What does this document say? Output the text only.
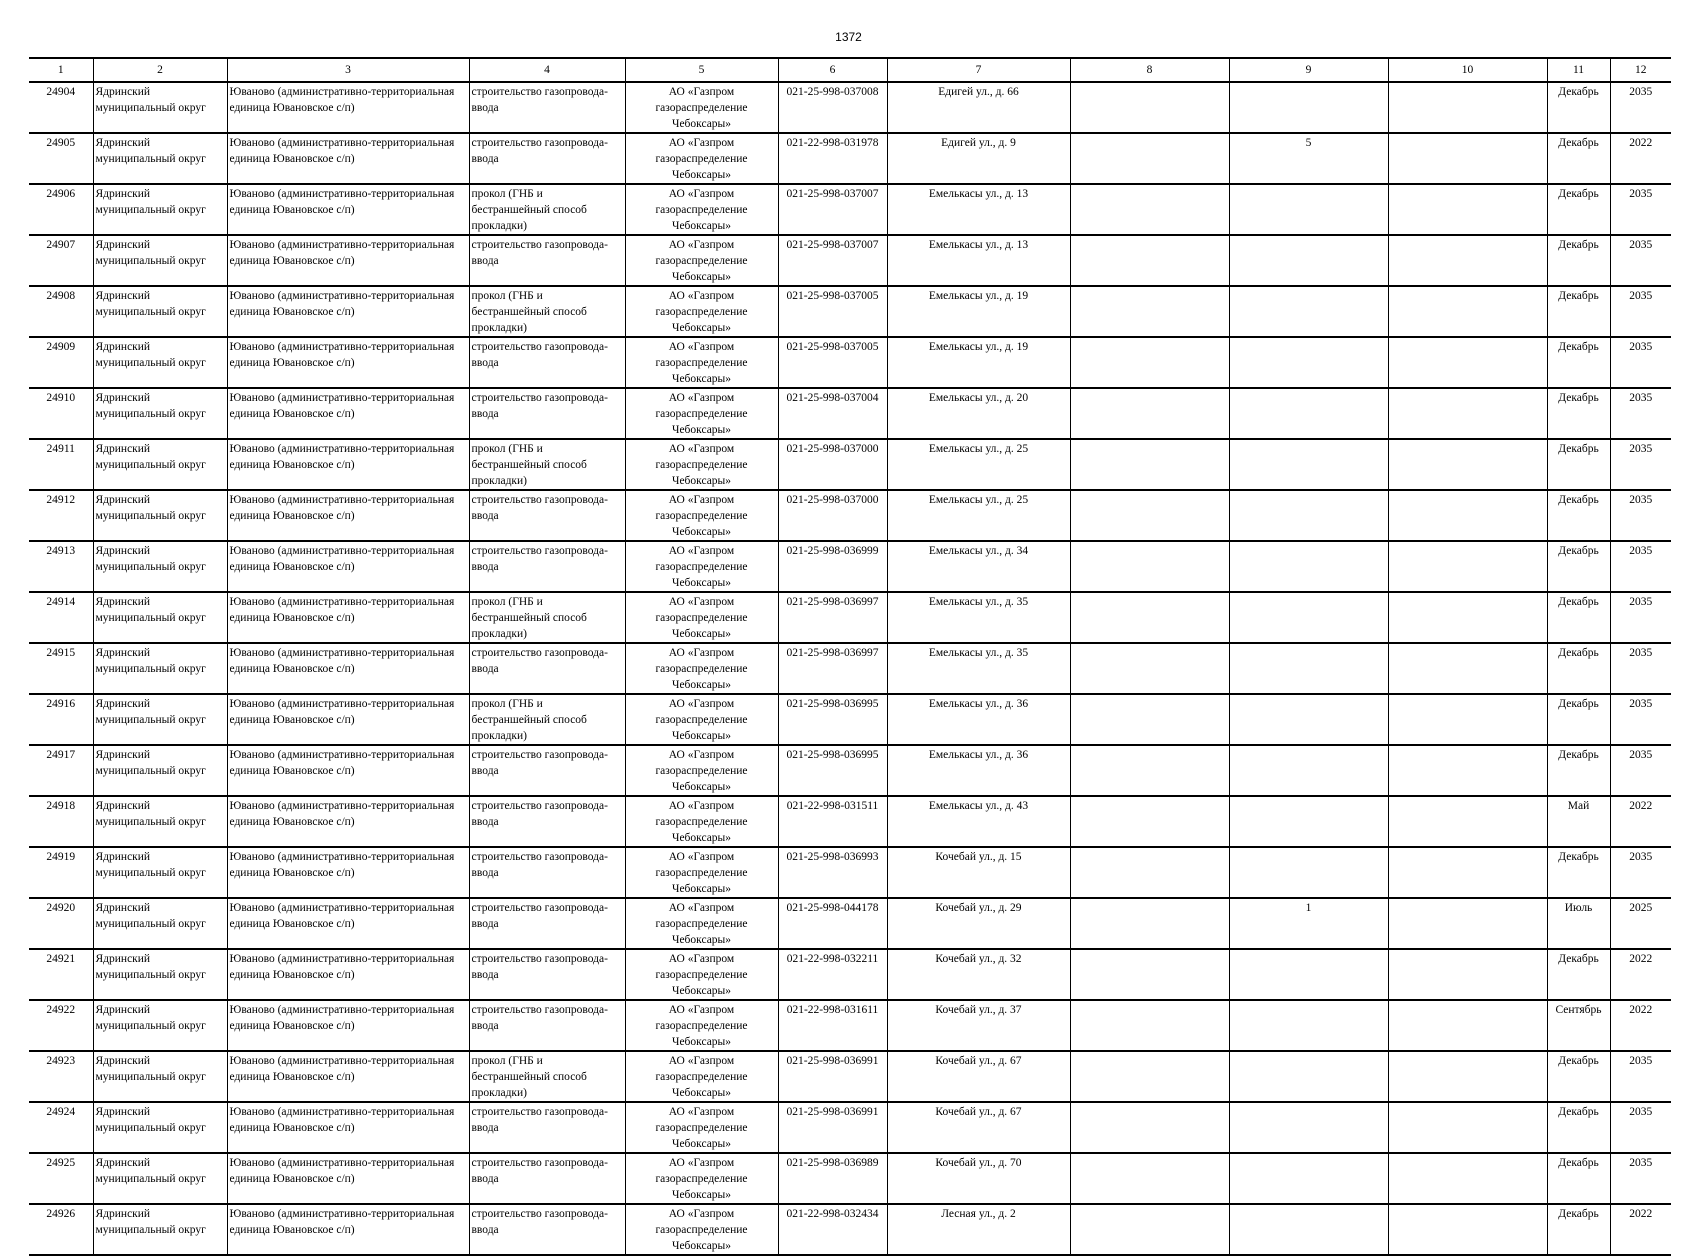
1372
1	2	3	4	5	6	7	8	9	10	11	12
24904	Ядринский муниципальный округ	Юваново (административно-территориальная единица Ювановское с/п)	строительство газопровода-ввода	АО «Газпром газораспределение Чебоксары»	021-25-998-037008	Едигей ул., д. 66				Декабрь	2035
24905	Ядринский муниципальный округ	Юваново (административно-территориальная единица Ювановское с/п)	строительство газопровода-ввода	АО «Газпром газораспределение Чебоксары»	021-22-998-031978	Едигей ул., д. 9		5		Декабрь	2022
24906	Ядринский муниципальный округ	Юваново (административно-территориальная единица Ювановское с/п)	прокол (ГНБ и бестраншейный способ прокладки)	АО «Газпром газораспределение Чебоксары»	021-25-998-037007	Емелькасы ул., д. 13				Декабрь	2035
24907	Ядринский муниципальный округ	Юваново (административно-территориальная единица Ювановское с/п)	строительство газопровода-ввода	АО «Газпром газораспределение Чебоксары»	021-25-998-037007	Емелькасы ул., д. 13				Декабрь	2035
24908	Ядринский муниципальный округ	Юваново (административно-территориальная единица Ювановское с/п)	прокол (ГНБ и бестраншейный способ прокладки)	АО «Газпром газораспределение Чебоксары»	021-25-998-037005	Емелькасы ул., д. 19				Декабрь	2035
24909	Ядринский муниципальный округ	Юваново (административно-территориальная единица Ювановское с/п)	строительство газопровода-ввода	АО «Газпром газораспределение Чебоксары»	021-25-998-037005	Емелькасы ул., д. 19				Декабрь	2035
24910	Ядринский муниципальный округ	Юваново (административно-территориальная единица Ювановское с/п)	строительство газопровода-ввода	АО «Газпром газораспределение Чебоксары»	021-25-998-037004	Емелькасы ул., д. 20				Декабрь	2035
24911	Ядринский муниципальный округ	Юваново (административно-территориальная единица Ювановское с/п)	прокол (ГНБ и бестраншейный способ прокладки)	АО «Газпром газораспределение Чебоксары»	021-25-998-037000	Емелькасы ул., д. 25				Декабрь	2035
24912	Ядринский муниципальный округ	Юваново (административно-территориальная единица Ювановское с/п)	строительство газопровода-ввода	АО «Газпром газораспределение Чебоксары»	021-25-998-037000	Емелькасы ул., д. 25				Декабрь	2035
24913	Ядринский муниципальный округ	Юваново (административно-территориальная единица Ювановское с/п)	строительство газопровода-ввода	АО «Газпром газораспределение Чебоксары»	021-25-998-036999	Емелькасы ул., д. 34				Декабрь	2035
24914	Ядринский муниципальный округ	Юваново (административно-территориальная единица Ювановское с/п)	прокол (ГНБ и бестраншейный способ прокладки)	АО «Газпром газораспределение Чебоксары»	021-25-998-036997	Емелькасы ул., д. 35				Декабрь	2035
24915	Ядринский муниципальный округ	Юваново (административно-территориальная единица Ювановское с/п)	строительство газопровода-ввода	АО «Газпром газораспределение Чебоксары»	021-25-998-036997	Емелькасы ул., д. 35				Декабрь	2035
24916	Ядринский муниципальный округ	Юваново (административно-территориальная единица Ювановское с/п)	прокол (ГНБ и бестраншейный способ прокладки)	АО «Газпром газораспределение Чебоксары»	021-25-998-036995	Емелькасы ул., д. 36				Декабрь	2035
24917	Ядринский муниципальный округ	Юваново (административно-территориальная единица Ювановское с/п)	строительство газопровода-ввода	АО «Газпром газораспределение Чебоксары»	021-25-998-036995	Емелькасы ул., д. 36				Декабрь	2035
24918	Ядринский муниципальный округ	Юваново (административно-территориальная единица Ювановское с/п)	строительство газопровода-ввода	АО «Газпром газораспределение Чебоксары»	021-22-998-031511	Емелькасы ул., д. 43				Май	2022
24919	Ядринский муниципальный округ	Юваново (административно-территориальная единица Ювановское с/п)	строительство газопровода-ввода	АО «Газпром газораспределение Чебоксары»	021-25-998-036993	Кочебай ул., д. 15				Декабрь	2035
24920	Ядринский муниципальный округ	Юваново (административно-территориальная единица Ювановское с/п)	строительство газопровода-ввода	АО «Газпром газораспределение Чебоксары»	021-25-998-044178	Кочебай ул., д. 29		1		Июль	2025
24921	Ядринский муниципальный округ	Юваново (административно-территориальная единица Ювановское с/п)	строительство газопровода-ввода	АО «Газпром газораспределение Чебоксары»	021-22-998-032211	Кочебай ул., д. 32				Декабрь	2022
24922	Ядринский муниципальный округ	Юваново (административно-территориальная единица Ювановское с/п)	строительство газопровода-ввода	АО «Газпром газораспределение Чебоксары»	021-22-998-031611	Кочебай ул., д. 37				Сентябрь	2022
24923	Ядринский муниципальный округ	Юваново (административно-территориальная единица Ювановское с/п)	прокол (ГНБ и бестраншейный способ прокладки)	АО «Газпром газораспределение Чебоксары»	021-25-998-036991	Кочебай ул., д. 67				Декабрь	2035
24924	Ядринский муниципальный округ	Юваново (административно-территориальная единица Ювановское с/п)	строительство газопровода-ввода	АО «Газпром газораспределение Чебоксары»	021-25-998-036991	Кочебай ул., д. 67				Декабрь	2035
24925	Ядринский муниципальный округ	Юваново (административно-территориальная единица Ювановское с/п)	строительство газопровода-ввода	АО «Газпром газораспределение Чебоксары»	021-25-998-036989	Кочебай ул., д. 70				Декабрь	2035
24926	Ядринский муниципальный округ	Юваново (административно-территориальная единица Ювановское с/п)	строительство газопровода-ввода	АО «Газпром газораспределение Чебоксары»	021-22-998-032434	Лесная ул., д. 2				Декабрь	2022
